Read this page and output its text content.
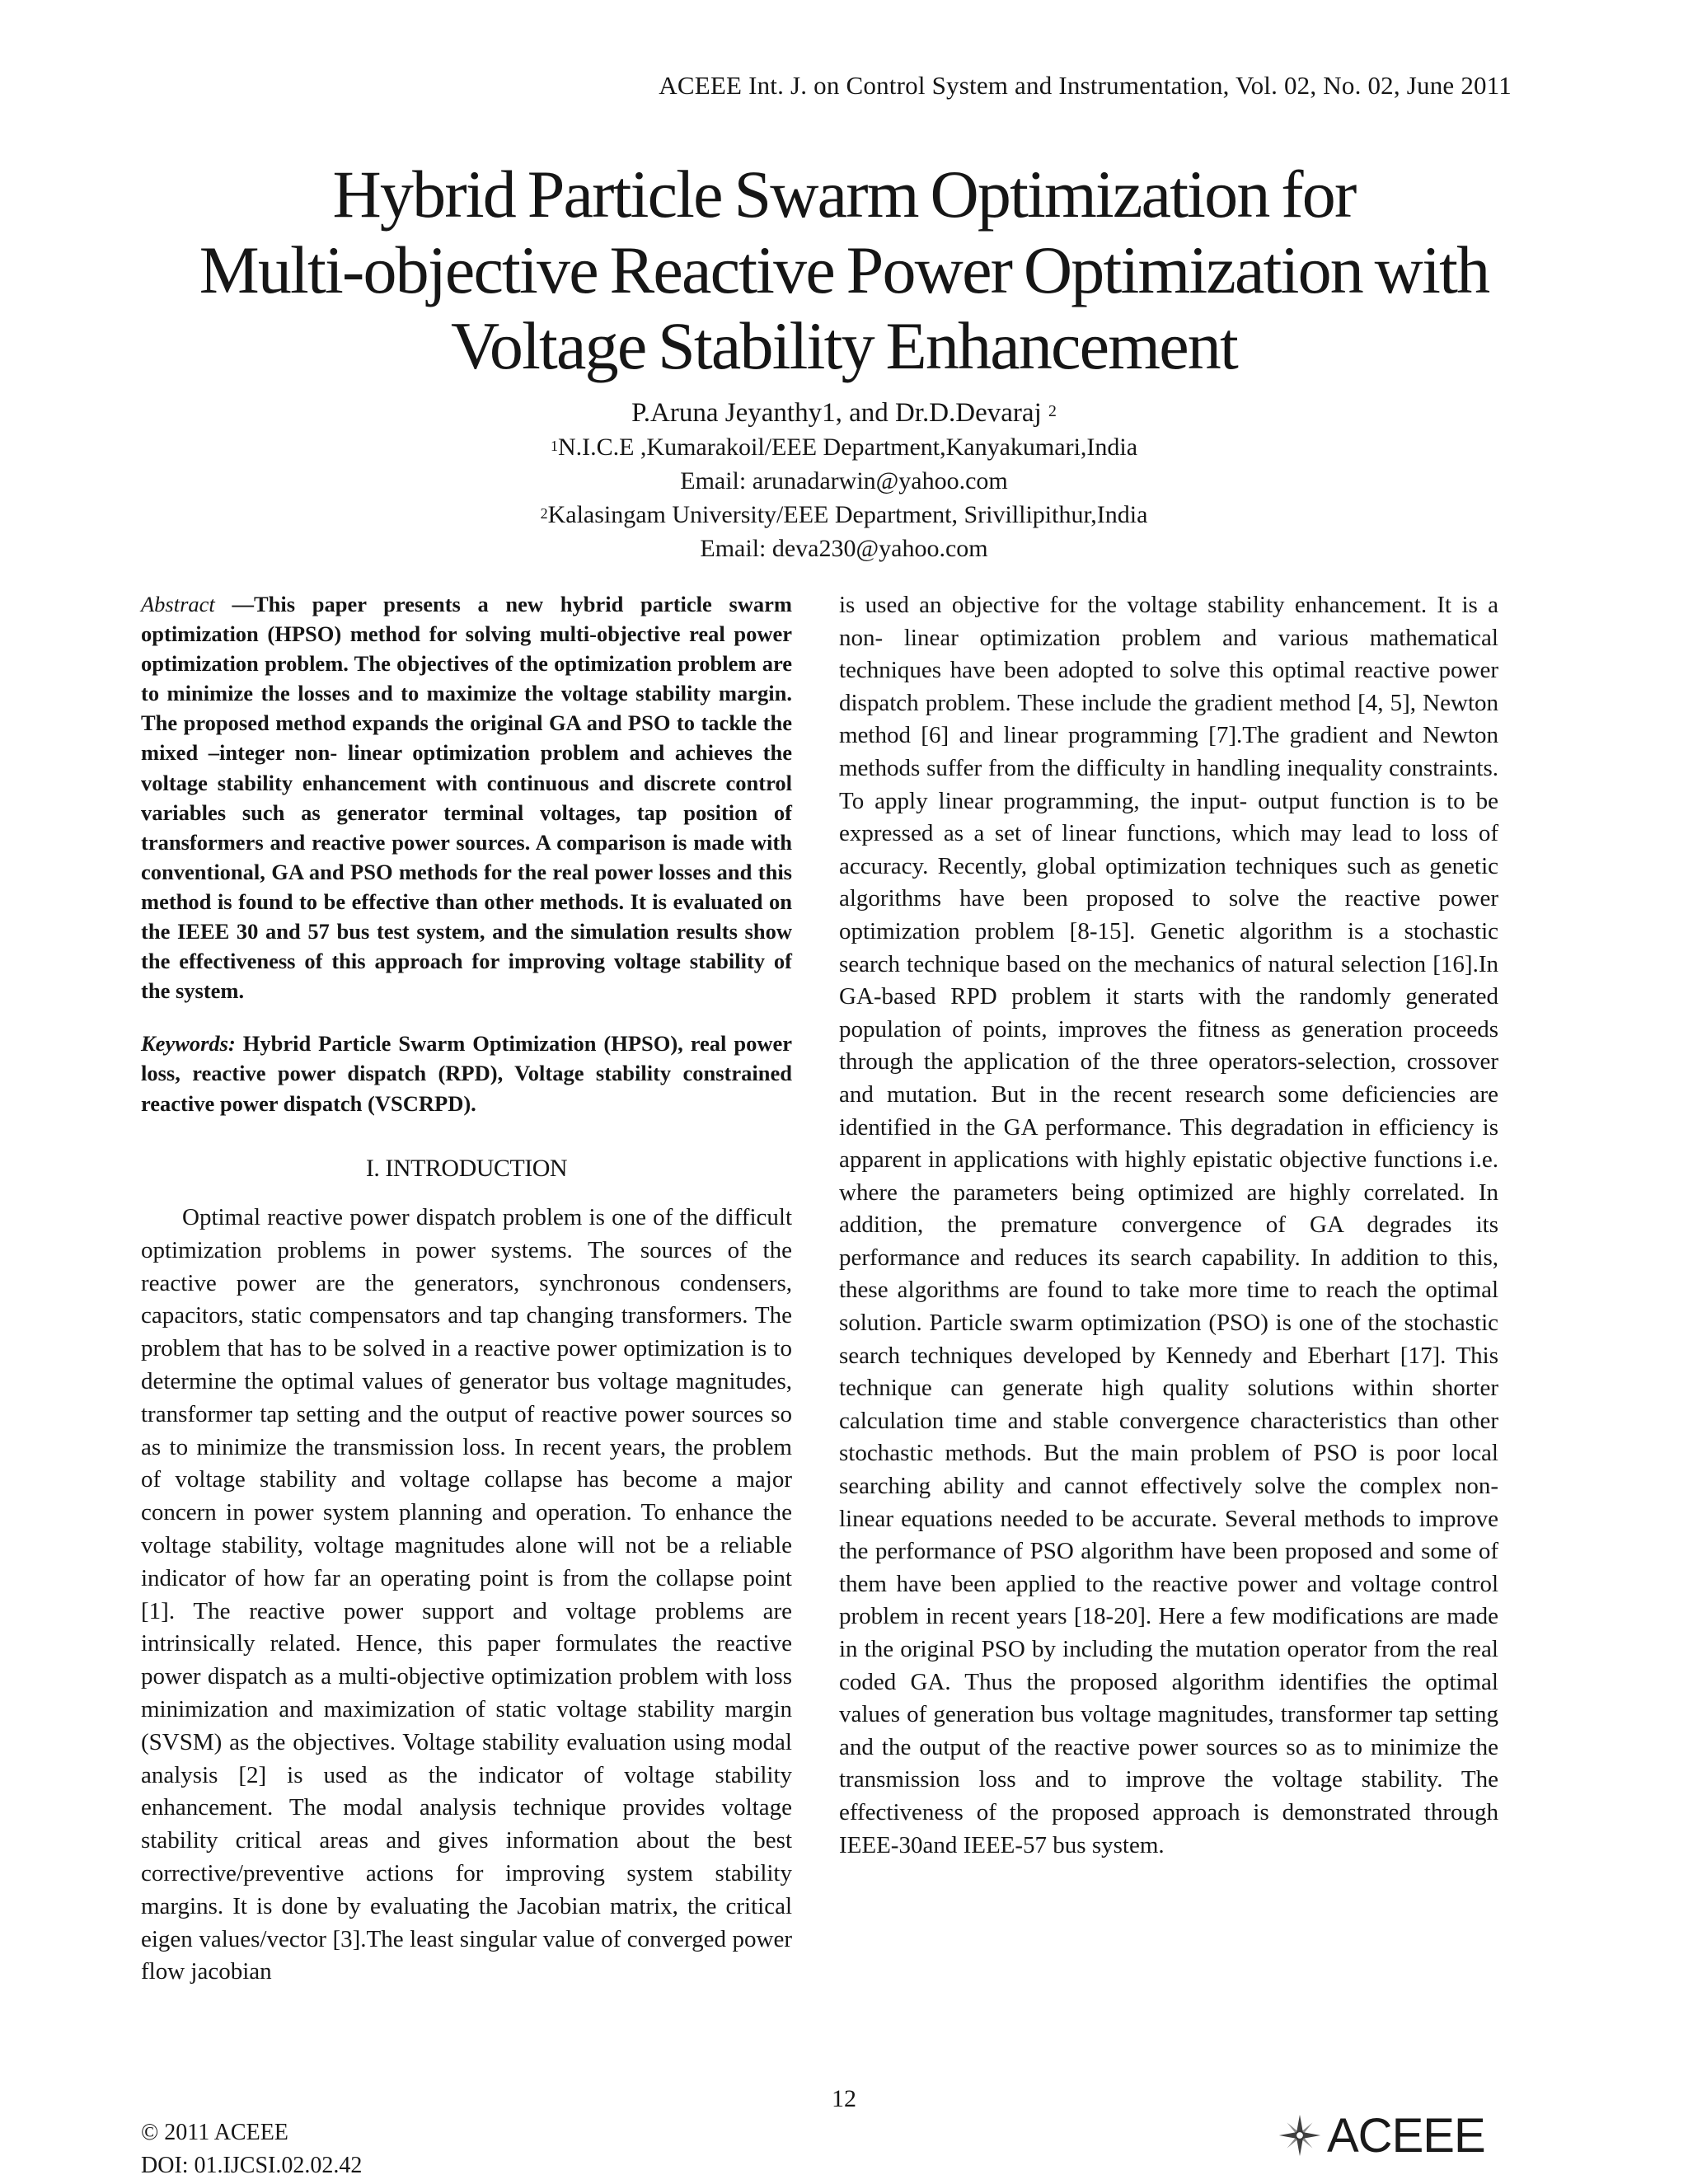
ACEEE Int. J. on Control System and Instrumentation, Vol. 02, No. 02, June 2011
Hybrid Particle Swarm Optimization for
Multi-objective Reactive Power Optimization with
Voltage Stability Enhancement
P.Aruna Jeyanthy1, and Dr.D.Devaraj $^2$
$^1$N.I.C.E ,Kumarakoil/EEE Department,Kanyakumari,India
Email: arunadarwin@yahoo.com
$^2$Kalasingam University/EEE Department, Srivillipithur,India
Email: deva230@yahoo.com

Abstract —This paper presents a new hybrid particle swarm optimization (HPSO) method for solving multi-objective real power optimization problem. The objectives of the optimization problem are to minimize the losses and to maximize the voltage stability margin. The proposed method expands the original GA and PSO to tackle the mixed –integer non- linear optimization problem and achieves the voltage stability enhancement with continuous and discrete control variables such as generator terminal voltages, tap position of transformers and reactive power sources. A comparison is made with conventional, GA and PSO methods for the real power losses and this method is found to be effective than other methods. It is evaluated on the IEEE 30 and 57 bus test system, and the simulation results show the effectiveness of this approach for improving voltage stability of the system.

Keywords: Hybrid Particle Swarm Optimization (HPSO), real power loss, reactive power dispatch (RPD), Voltage stability constrained reactive power dispatch (VSCRPD).

I. INTRODUCTION

Optimal reactive power dispatch problem is one of the difficult optimization problems in power systems. The sources of the reactive power are the generators, synchronous condensers, capacitors, static compensators and tap changing transformers. The problem that has to be solved in a reactive power optimization is to determine the optimal values of generator bus voltage magnitudes, transformer tap setting and the output of reactive power sources so as to minimize the transmission loss. In recent years, the problem of voltage stability and voltage collapse has become a major concern in power system planning and operation. To enhance the voltage stability, voltage magnitudes alone will not be a reliable indicator of how far an operating point is from the collapse point [1]. The reactive power support and voltage problems are intrinsically related. Hence, this paper formulates the reactive power dispatch as a multi-objective optimization problem with loss minimization and maximization of static voltage stability margin (SVSM) as the objectives. Voltage stability evaluation using modal analysis [2] is used as the indicator of voltage stability enhancement. The modal analysis technique provides voltage stability critical areas and gives information about the best corrective/preventive actions for improving system stability margins. It is done by evaluating the Jacobian matrix, the critical eigen values/vector [3].The least singular value of converged power flow jacobian

is used an objective for the voltage stability enhancement. It is a non- linear optimization problem and various mathematical techniques have been adopted to solve this optimal reactive power dispatch problem. These include the gradient method [4, 5], Newton method [6] and linear programming [7].The gradient and Newton methods suffer from the difficulty in handling inequality constraints. To apply linear programming, the input- output function is to be expressed as a set of linear functions, which may lead to loss of accuracy. Recently, global optimization techniques such as genetic algorithms have been proposed to solve the reactive power optimization problem [8-15]. Genetic algorithm is a stochastic search technique based on the mechanics of natural selection [16].In GA-based RPD problem it starts with the randomly generated population of points, improves the fitness as generation proceeds through the application of the three operators-selection, crossover and mutation. But in the recent research some deficiencies are identified in the GA performance. This degradation in efficiency is apparent in applications with highly epistatic objective functions i.e. where the parameters being optimized are highly correlated. In addition, the premature convergence of GA degrades its performance and reduces its search capability. In addition to this, these algorithms are found to take more time to reach the optimal solution. Particle swarm optimization (PSO) is one of the stochastic search techniques developed by Kennedy and Eberhart [17]. This technique can generate high quality solutions within shorter calculation time and stable convergence characteristics than other stochastic methods. But the main problem of PSO is poor local searching ability and cannot effectively solve the complex non-linear equations needed to be accurate. Several methods to improve the performance of PSO algorithm have been proposed and some of them have been applied to the reactive power and voltage control problem in recent years [18-20]. Here a few modifications are made in the original PSO by including the mutation operator from the real coded GA. Thus the proposed algorithm identifies the optimal values of generation bus voltage magnitudes, transformer tap setting and the output of the reactive power sources so as to minimize the transmission loss and to improve the voltage stability. The effectiveness of the proposed approach is demonstrated through IEEE-30and IEEE-57 bus system.

12
© 2011 ACEEE
DOI: 01.IJCSI.02.02.42
ACEEE
